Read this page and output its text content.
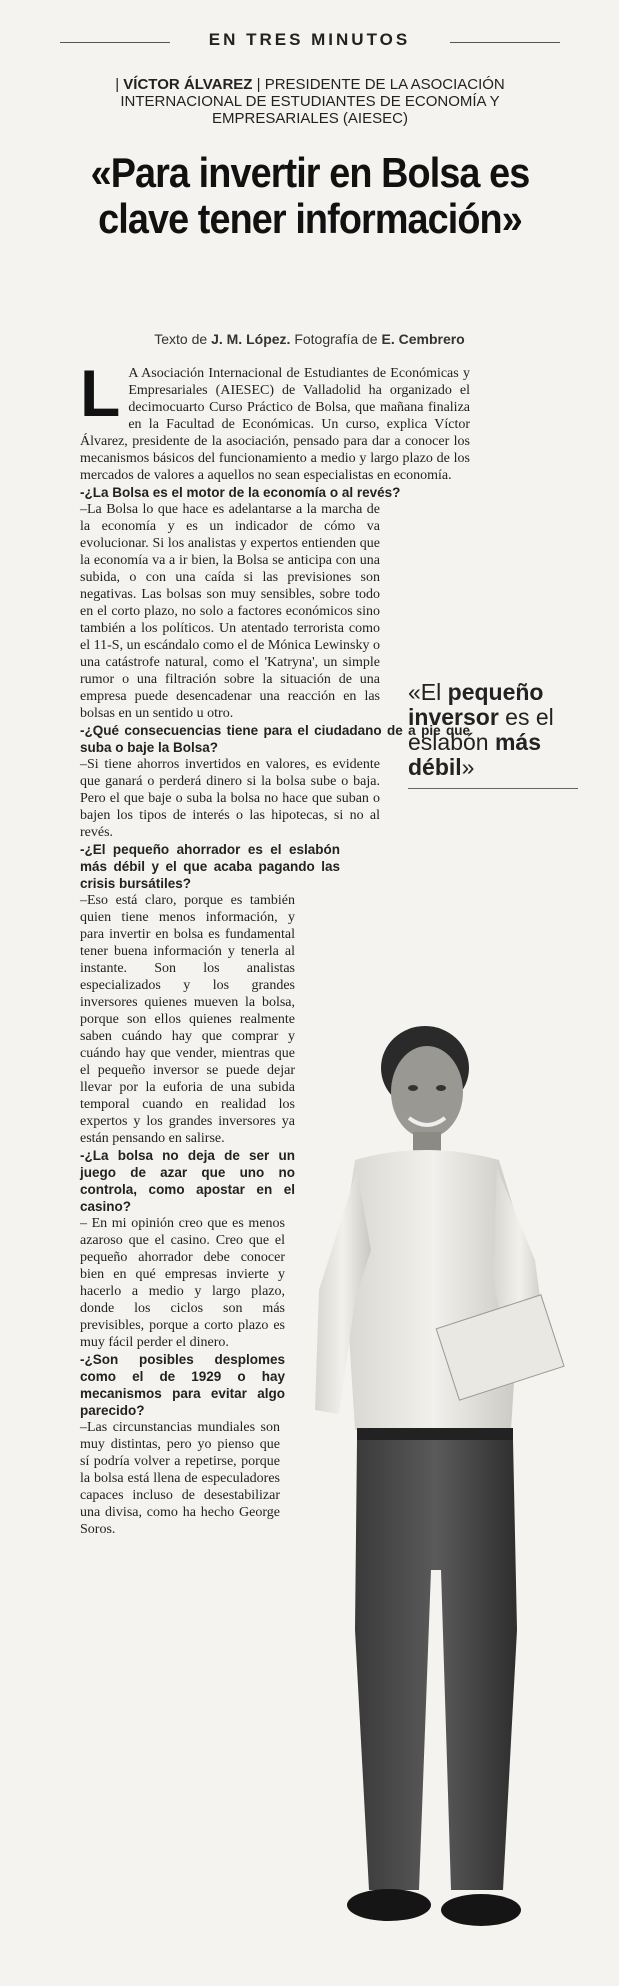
EN TRES MINUTOS
| VÍCTOR ÁLVAREZ | PRESIDENTE DE LA ASOCIACIÓN INTERNACIONAL DE ESTUDIANTES DE ECONOMÍA Y EMPRESARIALES (AIESEC)
«Para invertir en Bolsa es clave tener información»
Texto de J. M. López. Fotografía de E. Cembrero

L A Asociación Internacional de Estudiantes de Económicas y Empresariales (AIESEC) de Valladolid ha organizado el decimocuarto Curso Práctico de Bolsa, que mañana finaliza en la Facultad de Económicas. Un curso, explica Víctor Álvarez, presidente de la asociación, pensado para dar a conocer los mecanismos básicos del funcionamiento a medio y largo plazo de los mercados de valores a aquellos no sean especialistas en economía.

-¿La Bolsa es el motor de la economía o al revés?

–La Bolsa lo que hace es adelantarse a la marcha de la economía y es un indicador de cómo va evolucionar. Si los analistas y expertos entienden que la economía va a ir bien, la Bolsa se anticipa con una subida, o con una caída si las previsiones son negativas. Las bolsas son muy sensibles, sobre todo en el corto plazo, no solo a factores económicos sino también a los políticos. Un atentado terrorista como el 11-S, un escándalo como el de Mónica Lewinsky o una catástrofe natural, como el 'Katryna', un simple rumor o una filtración sobre la situación de una empresa puede desencadenar una reacción en las bolsas en un sentido u otro.

-¿Qué consecuencias tiene para el ciudadano de a pie que suba o baje la Bolsa?

–Si tiene ahorros invertidos en valores, es evidente que ganará o perderá dinero si la bolsa sube o baja. Pero el que baje o suba la bolsa no hace que suban o bajen los tipos de interés o las hipotecas, si no al revés.

-¿El pequeño ahorrador es el eslabón más débil y el que acaba pagando las crisis bursátiles?

–Eso está claro, porque es también quien tiene menos información, y para invertir en bolsa es fundamental tener buena información y tenerla al instante. Son los analistas especializados y los grandes inversores quienes mueven la bolsa, porque son ellos quienes realmente saben cuándo hay que comprar y cuándo hay que vender, mientras que el pequeño inversor se puede dejar llevar por la euforia de una subida temporal cuando en realidad los expertos y los grandes inversores ya están pensando en salirse.

-¿La bolsa no deja de ser un juego de azar que uno no controla, como apostar en el casino?

– En mi opinión creo que es menos azaroso que el casino. Creo que el pequeño ahorrador debe conocer bien en qué empresas invierte y hacerlo a medio y largo plazo, donde los ciclos son más previsibles, porque a corto plazo es muy fácil perder el dinero.

-¿Son posibles desplomes como el de 1929 o hay mecanismos para evitar algo parecido?

–Las circunstancias mundiales son muy distintas, pero yo pienso que sí podría volver a repetirse, porque la bolsa está llena de especuladores capaces incluso de desestabilizar una divisa, como ha hecho George Soros.

«El pequeño inversor es el eslabón más débil»
